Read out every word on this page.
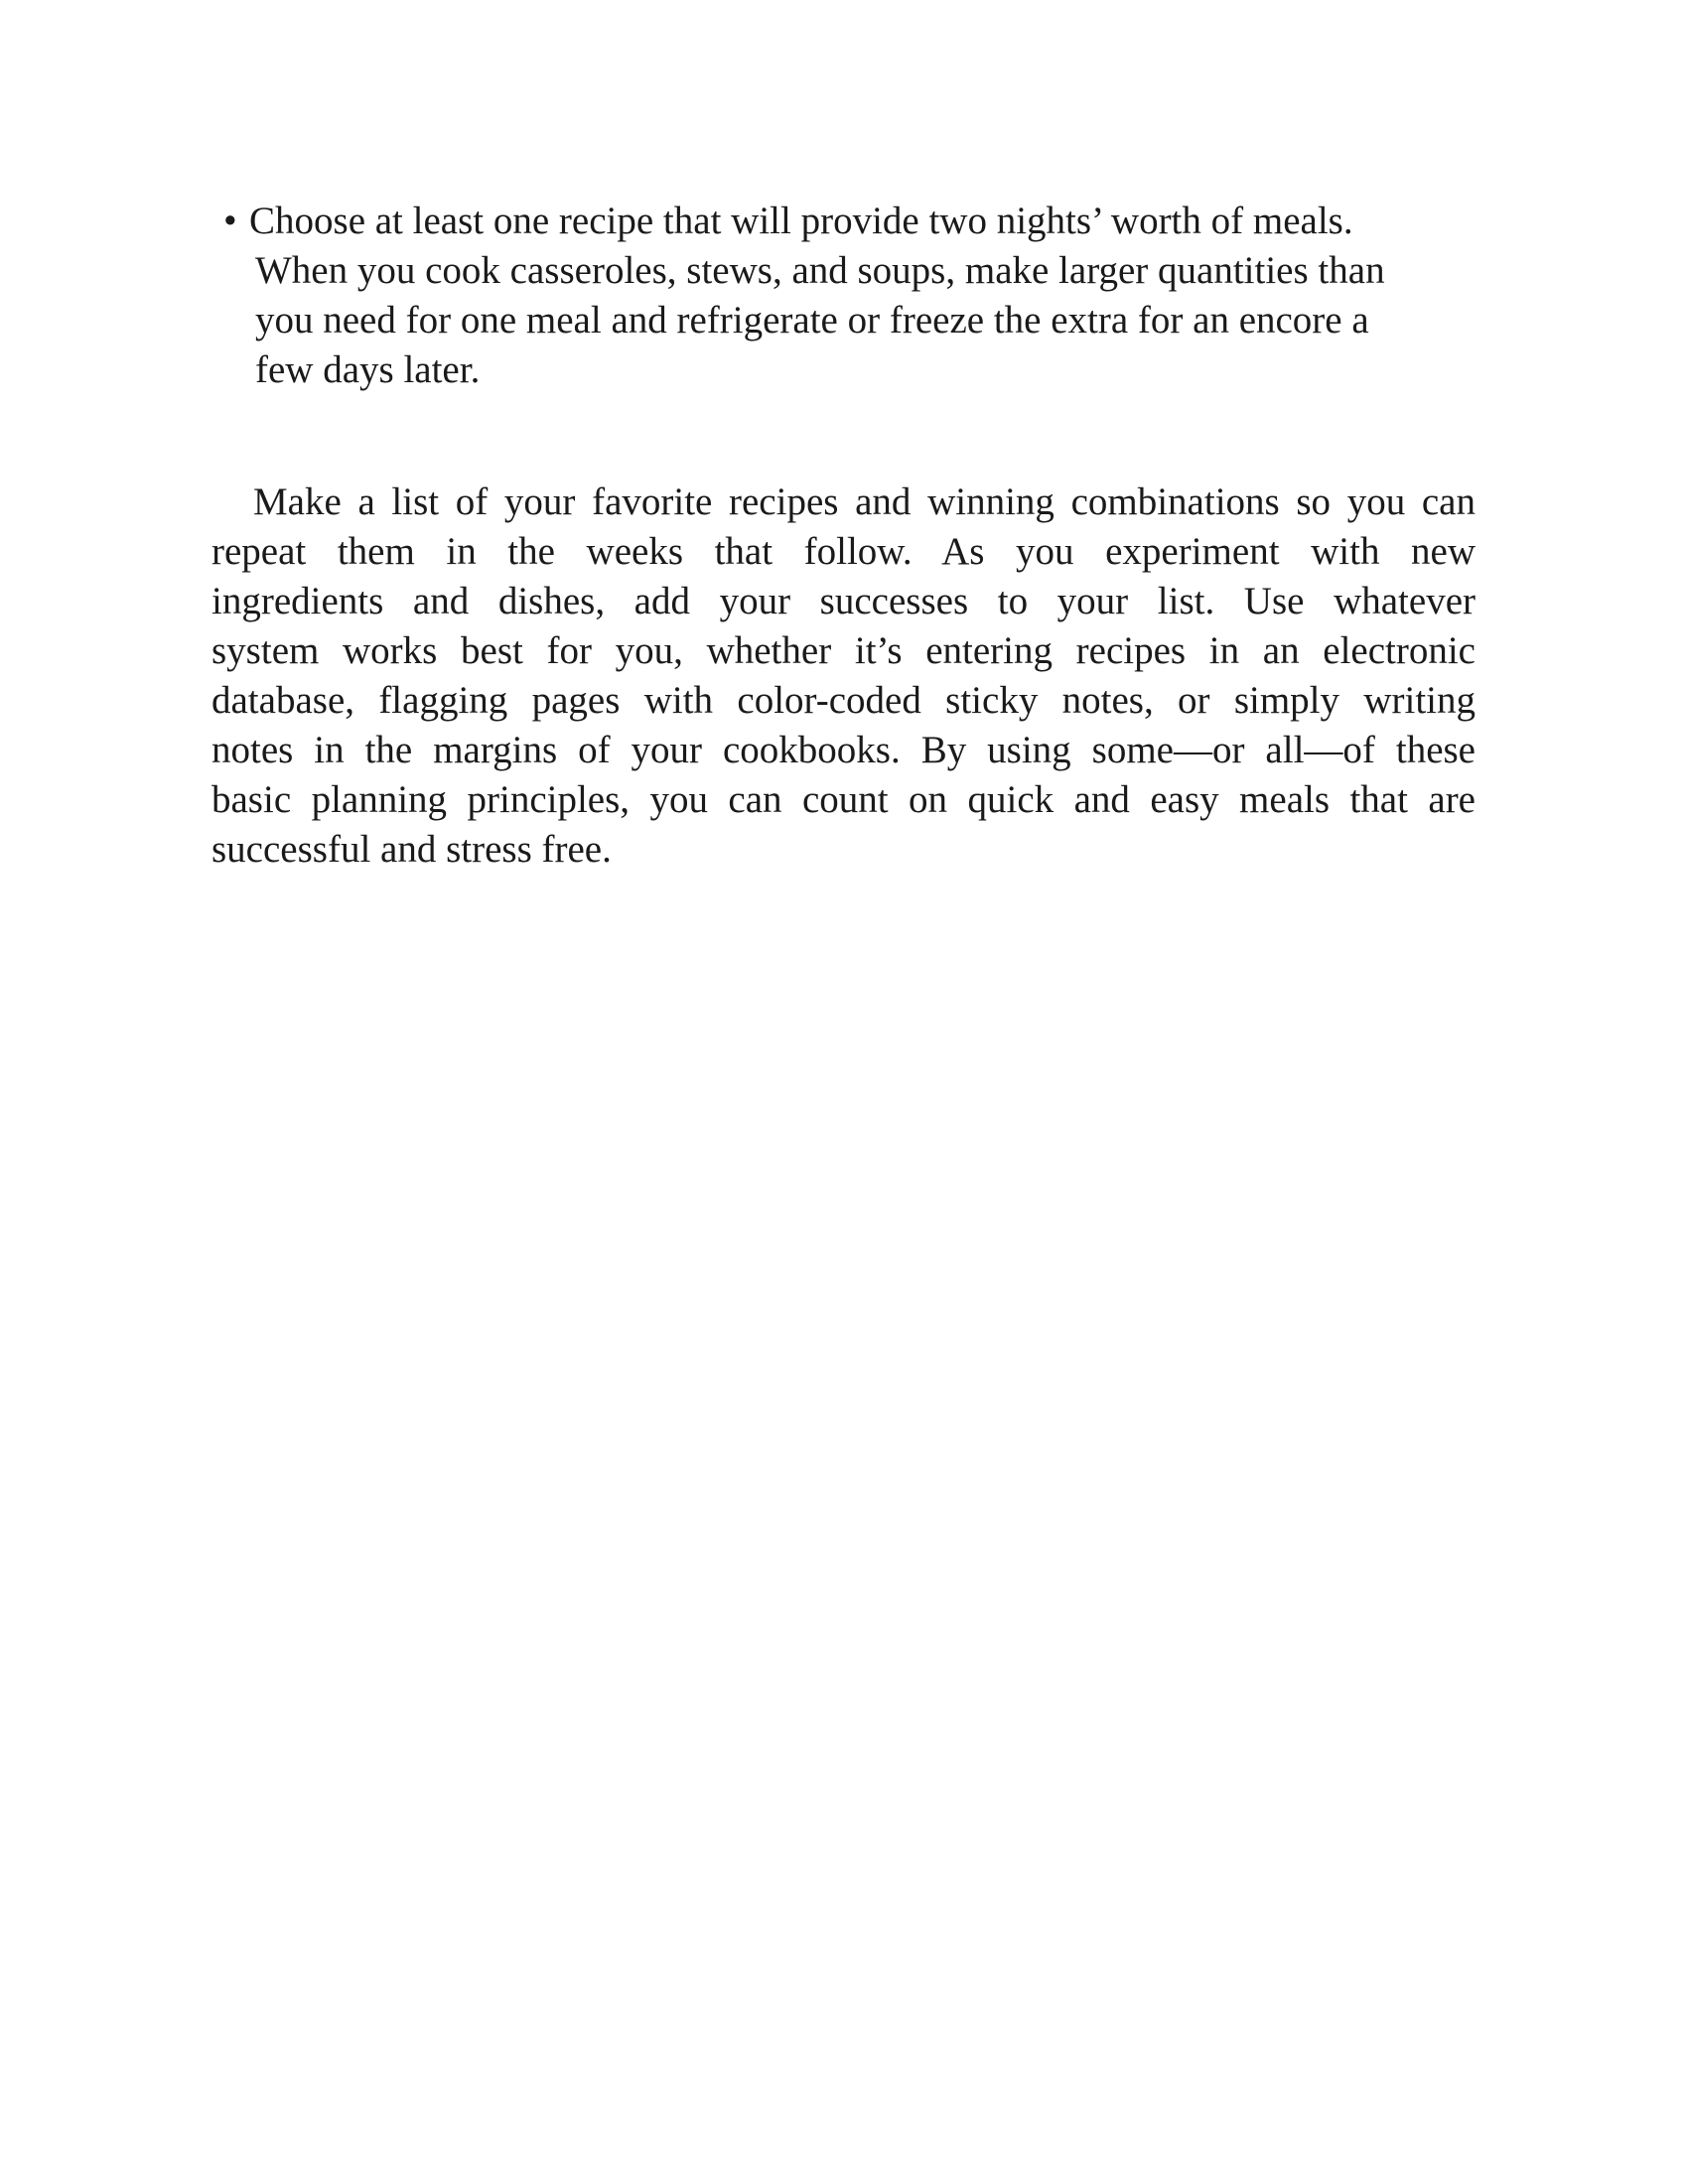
• Choose at least one recipe that will provide two nights’ worth of meals.
When you cook casseroles, stews, and soups, make larger quantities than
you need for one meal and refrigerate or freeze the extra for an encore a
few days later.
Make a list of your favorite recipes and winning combinations so you can
repeat them in the weeks that follow. As you experiment with new
ingredients and dishes, add your successes to your list. Use whatever
system works best for you, whether it’s entering recipes in an electronic
database, flagging pages with color-coded sticky notes, or simply writing
notes in the margins of your cookbooks. By using some—or all—of these
basic planning principles, you can count on quick and easy meals that are
successful and stress free.
